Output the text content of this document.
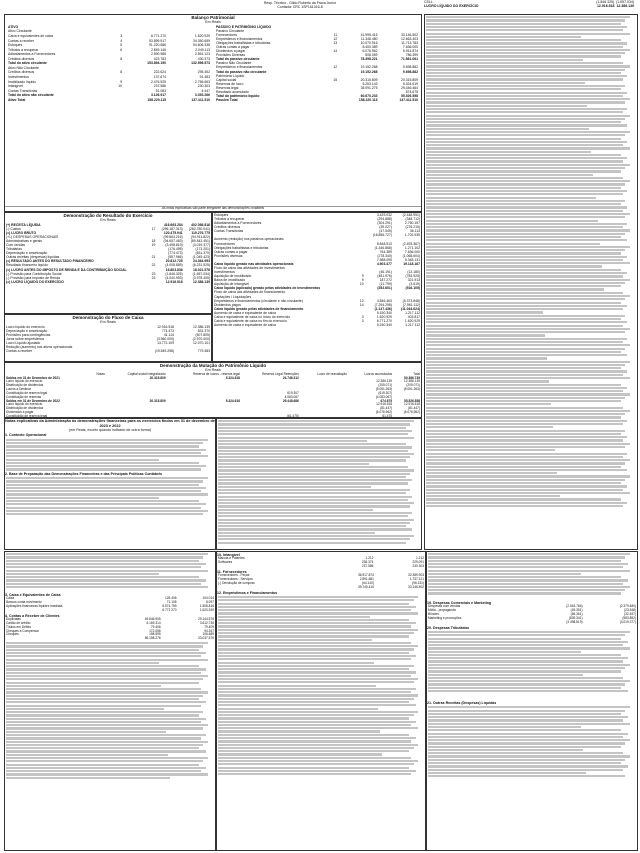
Resp. Técnico - Gildo Roberto da Fraca Junior
Contador CRC 1SP161016-8
CSLL	(1.846.325) (1.657.034)
LUCRO LÍQUIDO DO EXERCÍCIO	12.916.518 12.386.139
Balanço Patrimonial
Em Reais
ATIVO			
Ativo Circulante			
Caixa e equivalentes de caixa	3	6.771.270	1.620.929
Contas a receber	4	53.899.917	34.350.659
Estoques	5	91.220.686	94.606.338
Tributos a recuperar	6	2.849.146	2.049.113
Adiantamentos a Fornecedores		2.590.988	2.551.123
Créditos diversos	8	423.783	430.373
Total do ativo circulante		153.894.190	132.596.573
Ativo Não Circulante			
Créditos diversos	8	222.624	295.452
Investimentos		137.674	91.483
Imobilizado líquido	9	2.476.925	2.756.663
Intangível	10	237.586	230.303
Contas Transitórias		51.083	4.447
Total do ativo não circulante		3.126.917	3.393.266
Ativo Total		158.220.115	137.411.510
PASSIVO E PATRIMÔNIO LÍQUIDO			
Passivo Circulante			
Fornecedores	11	41.995.415	33.146.502
Empréstimos e financiamentos	12	11.346.480	12.663.403
Obrigações trabalhistas e tributárias	13	10.070.916	11.713.783
Outras contas a pagar		8.400.389	7.636.000
Dividendos a pagar	14	6.076.962	5.914.874
Provisões Diversas		508.059	786.399
Total do passivo circulante		78.398.221	71.861.061
Passivo Não Circulante			
Empréstimos e financiamentos	12	19.152.268	9.698.882
Total do passivo não circulante		19.152.268	9.698.882
Patrimônio Líquido			
Capital social	15	20.315.809	20.315.809
Reservas de lucro		5.263.143	5.324.619
Reservas legal		35.091.275	29.446.464
Resultado acumulado			674.675
Total do patrimônio líquido		60.670.233	55.526.558
Passivo Total		158.220.115	137.411.510
As notas explicativas são parte integrante das demonstrações contábeis
Demonstração do Resultado do Exercício
Em Reais
(+) RECEITA LÍQUIDA		416.663.254	402.056.816
(-) Custos	17	(296.187.313)	(282.780.041)
(=) LUCRO BRUTO		120.475.941	119.276.775
(+/-) DESPESAS OPERACIONAIS		(99.663.216)	(94.911.822)
Administrativas e gerais	18	(94.657.463)	(89.842.451)
Com vendas	19	(3.498.819)	(3.019.377)
Tributárias		(176.495)	(173.201)
Depreciação e amortização		(774.473)	(831.370)
Outras receitas (despesas) líquidas	21	(557.966)	(1.045.423)
(=) RESULTADO ANTES DO RESULTADO FINANCEIRO		20.812.725	24.364.953
Resultado financeiro líquido	22	(4.008.889)	(6.231.525)
(=) LUCRO ANTES DO IMPOSTO DE RENDA E DA CONTRIBUIÇÃO SOCIAL		16.803.836	18.021.578
(-) Provisão para Contribuição Social	23	(1.846.325)	(1.657.034)
(-) Provisão para Imposto de Renda	23	(4.040.993)	(3.978.405)
(=) LUCRO LÍQUIDO DO EXERCÍCIO		12.916.518	12.386.139
Demonstração do Fluxo de Caixa
Em Reais
Lucro líquido do exercício		12.916.518	12.386.139
Depreciação e amortização		774.473	831.370
Provisões para contingências		41.114	(507.805)
Juros sobre empréstimos		(3.960.000)	(2.970.000)
Lucro Líquido ajustado		13.772.109	12.070.101
Redução (aumento) nos ativos operacionais			
Contas a receber		(19.549.258)	779.483
Estoques		3.429.032	(2.448.951)
Tributos a recuperar		(294.888)	(348.712)
Adiantamentos a Fornecedores		(304.291)	2.760.157
Créditos diversos		(39.027)	(276.215)
Contas Transitórias		(47.549)	36.113
		(16.856.727)	1.702.935
Aumento (redução) nos passivos operacionais			
Fornecedores		8.848.913	(2.493.367)
Obrigações trabalhistas e tributárias		(1.346.868)	1.271.102
Outras contas a pagar		764.389	7.636.000
Provisões diversas		(278.340)	(1.068.604)
		7.988.095	5.345.131
Caixa líquido gerado nas atividades operacionais		4.903.477	19.118.167
Fluxo de caixa das atividades de investimentos			
Investimentos		(46.191)	(12.180)
Aquisição de imobilizado	9	(481.976)	(783.925)
Baixa de imobilizado	9	187.272	321.913
Aquisição de intangível	10	(11.799)	(3.619)
Caixa líquido (aplicado) gerado pelas atividades de investimentos		(352.601)	(516.105)
Fluxo de caixa das atividades de financiamento			
Captações / Liquidações			
Empréstimos e financiamentos (circulante e não circulante)	12	4.846.463	(5.373.848)
Dividendos pagos	14	(7.294.298)	(7.961.112)
Caixa líquido gerado pelas atividades de financiamento		(1.137.436)	(11.034.624)
Aumento de caixa e equivalente de caixa		5.150.340	1.217.112
Caixa e equivalente de caixa no início do exercício	3	1.620.929	403.817
Caixa e equivalente de caixa no fim do exercício	3	6.771.270	1.620.929
Aumento de caixa e equivalente de caixa		5.150.340	1.217.112
Demonstração da Mutação do Patrimônio Líquido
Em Reais
	Notas	Capital social integralizado	Reserva de lucros - reserva legal	Reserva Legal Retenções	Lucro de reavaliação	Lucros acumulados	Total
Saldos em 31 de Dezembro de 2021		20.315.809	5.324.618	24.746.312			50.386.739
Lucro líquido do exercício						12.386.139	12.386.139
Distribuição de dividendos						(205.071)	(205.071)
Lucros a Destinar						(5.051.263)	(5.051.263)
Constituição de reserva legal				619.307		(619.307)	
Constituição de reservas				4.083.067		(4.083.067)	
Saldos em 31 de Dezembro de 2022		20.315.809	5.324.618	29.448.686		674.675	55.526.558
Lucro líquido do exercício						12.916.518	12.916.518
Distribuição de dividendos						(81.447)	(81.447)
Dividendos a pagar						(6.076.962)	(6.076.962)
Constituição de reserva legal				(61.475)		61.475	

Notas explicativas da Administração às demonstrações financeiras para os exercícios findos em 31 de dezembro de 2023 e 2022
(em Reais, exceto quando indicado de outra forma)
1. Contexto Operacional
2. Base de Preparação das Demonstrações Financeiras e das Principais Políticas Contábeis
3. Caixa e Equivalentes de Caixa
Caixa	125.406	104.014
Bancos conta movimento	71.105	8.097
Aplicações financeiras liquidez imediata	6.574.759	1.508.818
	6.771.270	1.620.929
4. Contas a Receber de Clientes
Duplicatas	49.646.905	29.144.576
Cartão de crédito	6.169.314	3.612.735
Títulos em Débito	79.406	79.409
Cheques a Compensar	172.056	94.167
Cheques	198.595	106.689
	56.198.276	33.037.576
10. Intangível
Marcas e Patentes	1.212	1.212
Softwares	236.374	229.091
	237.586	230.303
11. Fornecedores
Fornecedores - Peças	36.917.874	32.389.903
Fornecedores - Serviços	2.891.681	1.737.121
(-) Devolução de compras	(64.140)	(96.131)
	39.745.415	33.146.502
12. Empréstimos e Financiamentos
19. Despesas Comerciais e Marketing
Despesas com vendas	(2.543.766)	(2.379.480)
Mídia - propaganda	(49.351)	(23.548)
Brindes	(66.361)	(32.497)
Marketing e promoções	(839.341)	(583.852)
	(3.498.819)	(3.019.377)
20. Despesas Tributárias
21. Outras Receitas (Despesas) Líquidas
